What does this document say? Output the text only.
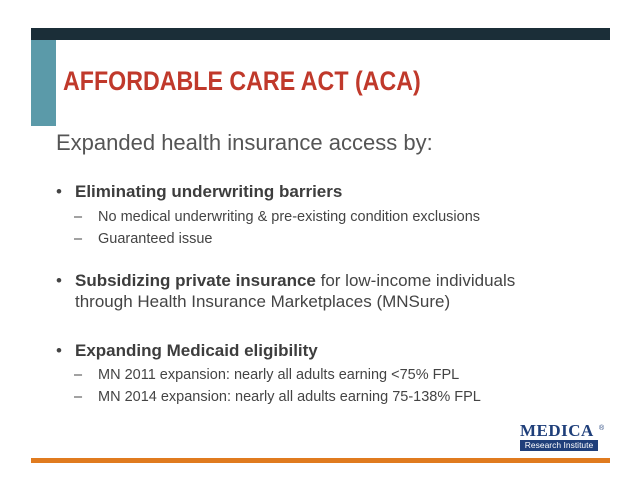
AFFORDABLE CARE ACT (ACA)
Expanded health insurance access by:
• Eliminating underwriting barriers
– No medical underwriting & pre-existing condition exclusions
– Guaranteed issue
• Subsidizing private insurance for low-income individuals
through Health Insurance Marketplaces (MNSure)
• Expanding Medicaid eligibility
– MN 2011 expansion: nearly all adults earning <75% FPL
– MN 2014 expansion: nearly all adults earning 75-138% FPL
MEDICA ®
Research Institute
